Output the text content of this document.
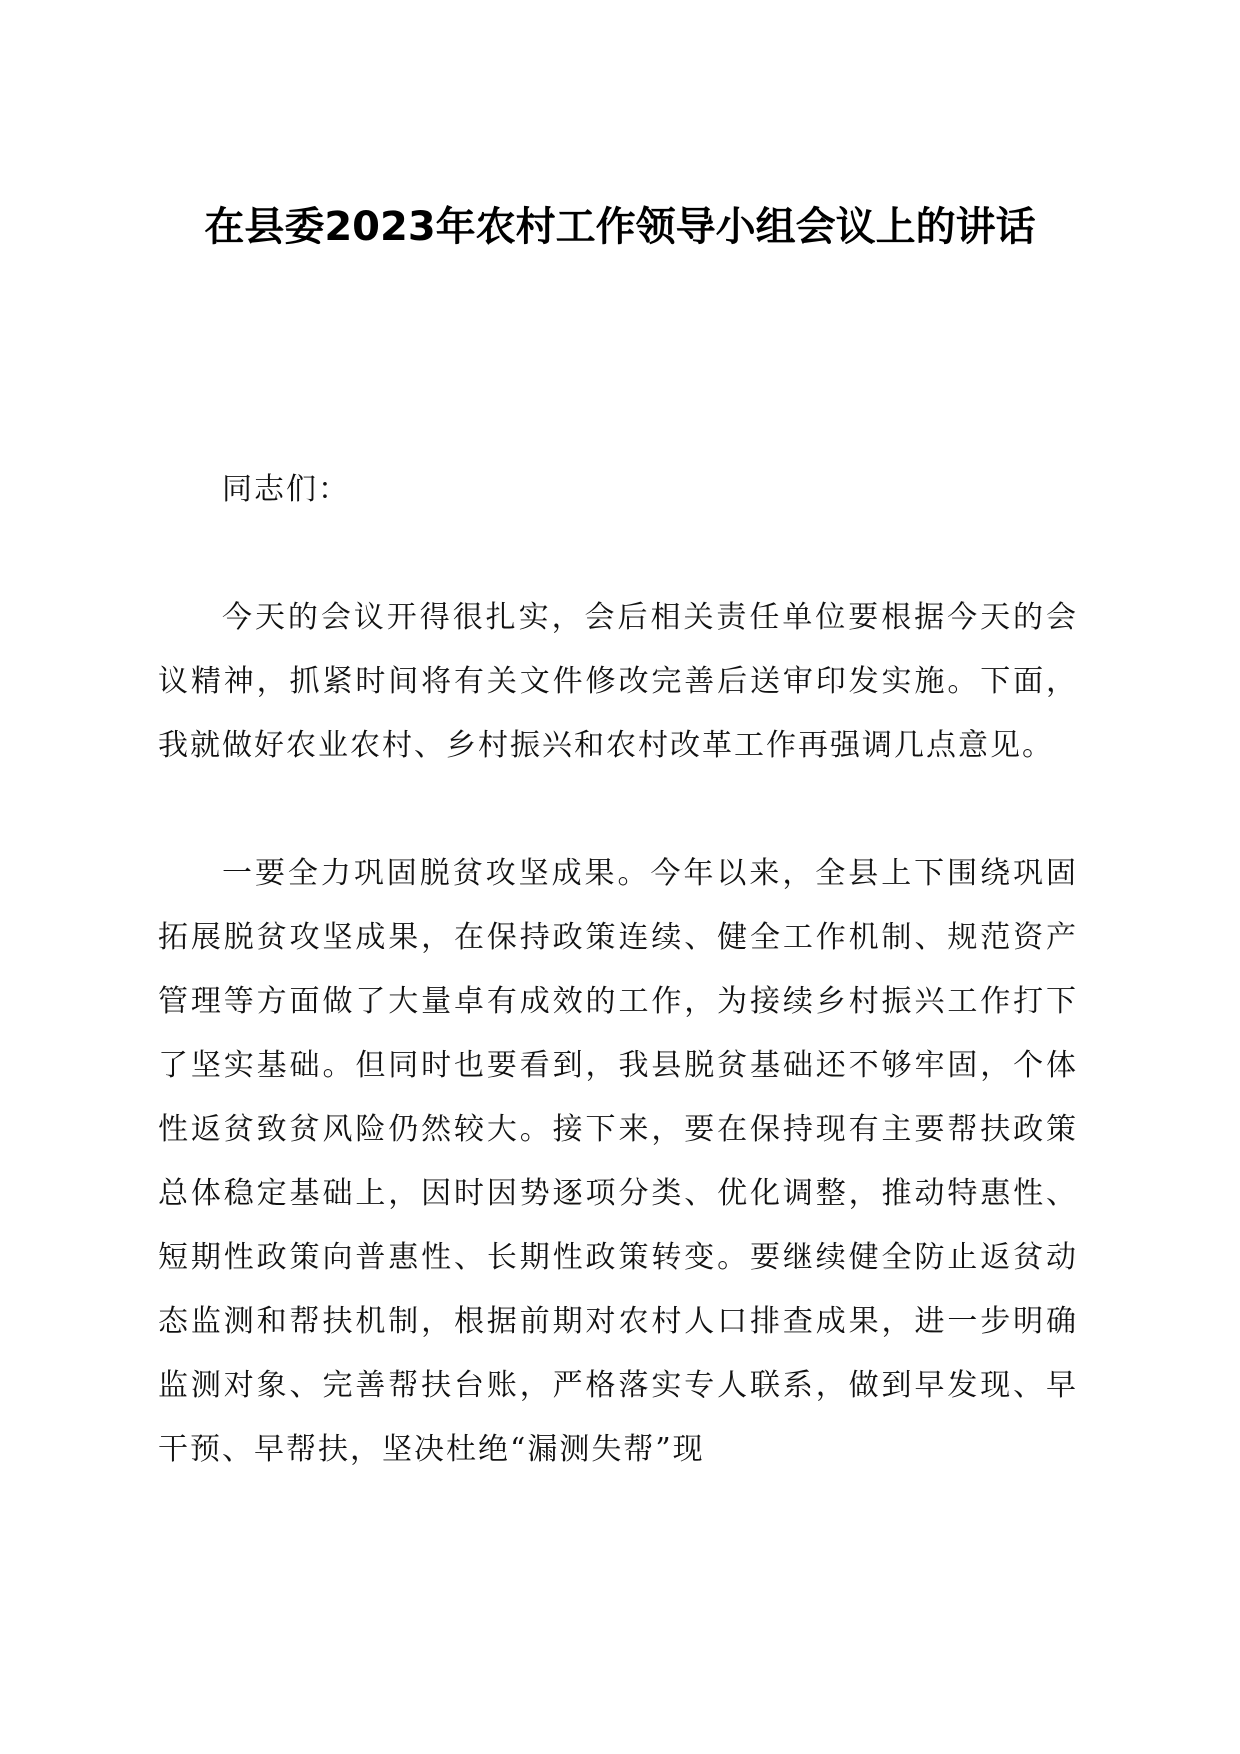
在县委2023年农村工作领导小组会议上的讲话

同志们：

今天的会议开得很扎实，会后相关责任单位要根据今天的会议精神，抓紧时间将有关文件修改完善后送审印发实施。下面，我就做好农业农村、乡村振兴和农村改革工作再强调几点意见。

一要全力巩固脱贫攻坚成果。今年以来，全县上下围绕巩固拓展脱贫攻坚成果，在保持政策连续、健全工作机制、规范资产管理等方面做了大量卓有成效的工作，为接续乡村振兴工作打下了坚实基础。但同时也要看到，我县脱贫基础还不够牢固，个体性返贫致贫风险仍然较大。接下来，要在保持现有主要帮扶政策总体稳定基础上，因时因势逐项分类、优化调整，推动特惠性、短期性政策向普惠性、长期性政策转变。要继续健全防止返贫动态监测和帮扶机制，根据前期对农村人口排查成果，进一步明确监测对象、完善帮扶台账，严格落实专人联系，做到早发现、早干预、早帮扶，坚决杜绝“漏测失帮”现
